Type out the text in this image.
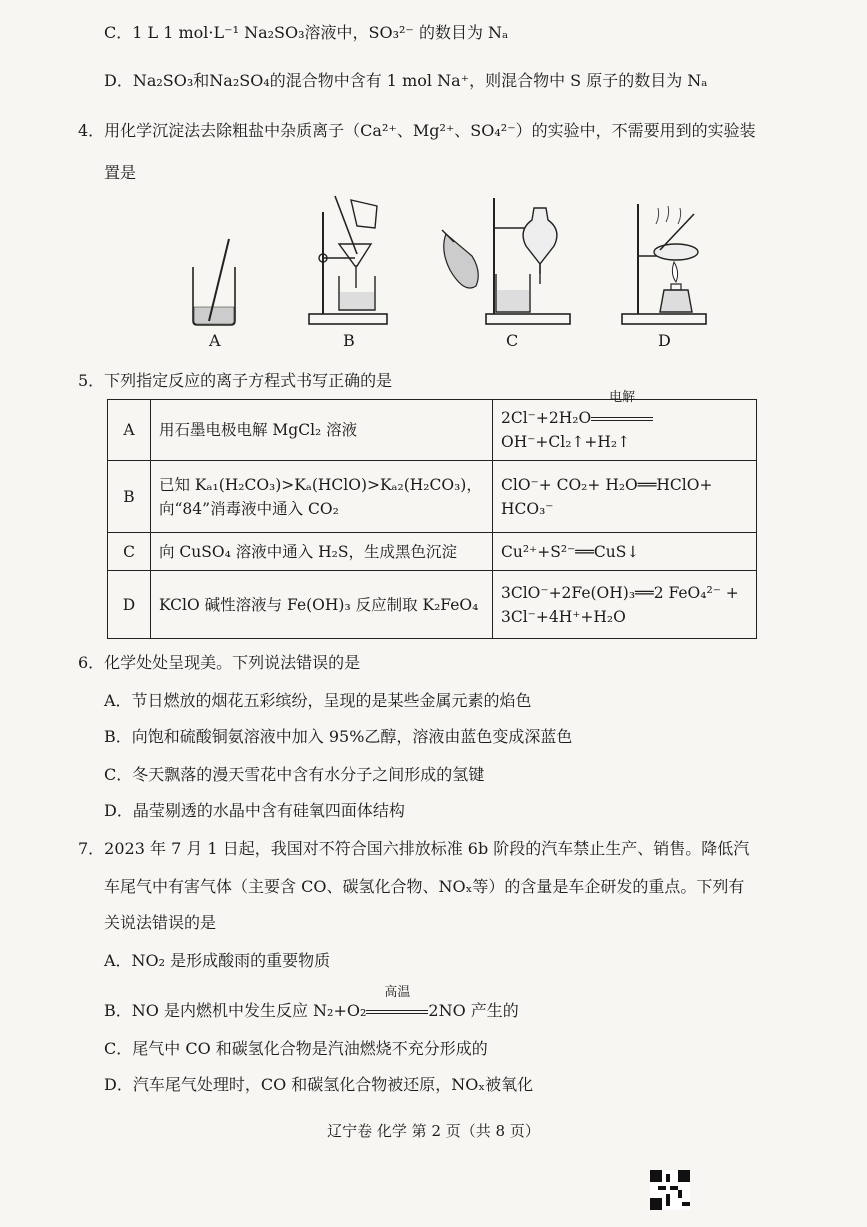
C．1 L 1 mol·L⁻¹ Na₂SO₃溶液中，SO₃²⁻ 的数目为 Nₐ
D．Na₂SO₃和Na₂SO₄的混合物中含有 1 mol Na⁺，则混合物中 S 原子的数目为 Nₐ
4．用化学沉淀法去除粗盐中杂质离子（Ca²⁺、Mg²⁺、SO₄²⁻）的实验中，不需要用到的实验装
置是
A	B	C	D
5．下列指定反应的离子方程式书写正确的是
A	用石墨电极电解 MgCl₂ 溶液	2Cl⁻+2H₂O
电解
OH⁻+Cl₂↑+H₂↑
B	已知 Kₐ₁(H₂CO₃)>Kₐ(HClO)>Kₐ₂(H₂CO₃)，向“84”消毒液中通入 CO₂	ClO⁻+ CO₂+ H₂O══HClO+ HCO₃⁻
C	向 CuSO₄ 溶液中通入 H₂S，生成黑色沉淀	Cu²⁺+S²⁻══CuS↓
D	KClO 碱性溶液与 Fe(OH)₃ 反应制取 K₂FeO₄	3ClO⁻+2Fe(OH)₃══2 FeO₄²⁻ + 3Cl⁻+4H⁺+H₂O
6．化学处处呈现美。下列说法错误的是
A．节日燃放的烟花五彩缤纷，呈现的是某些金属元素的焰色
B．向饱和硫酸铜氨溶液中加入 95%乙醇，溶液由蓝色变成深蓝色
C．冬天飘落的漫天雪花中含有水分子之间形成的氢键
D．晶莹剔透的水晶中含有硅氧四面体结构
7．2023 年 7 月 1 日起，我国对不符合国六排放标准 6b 阶段的汽车禁止生产、销售。降低汽
车尾气中有害气体（主要含 CO、碳氢化合物、NOₓ等）的含量是车企研发的重点。下列有
关说法错误的是
A．NO₂ 是形成酸雨的重要物质
B．NO 是内燃机中发生反应 N₂+O₂
高温
2NO 产生的
C．尾气中 CO 和碳氢化合物是汽油燃烧不充分形成的
D．汽车尾气处理时，CO 和碳氢化合物被还原，NOₓ被氧化
辽宁卷 化学 第 2 页（共 8 页）
